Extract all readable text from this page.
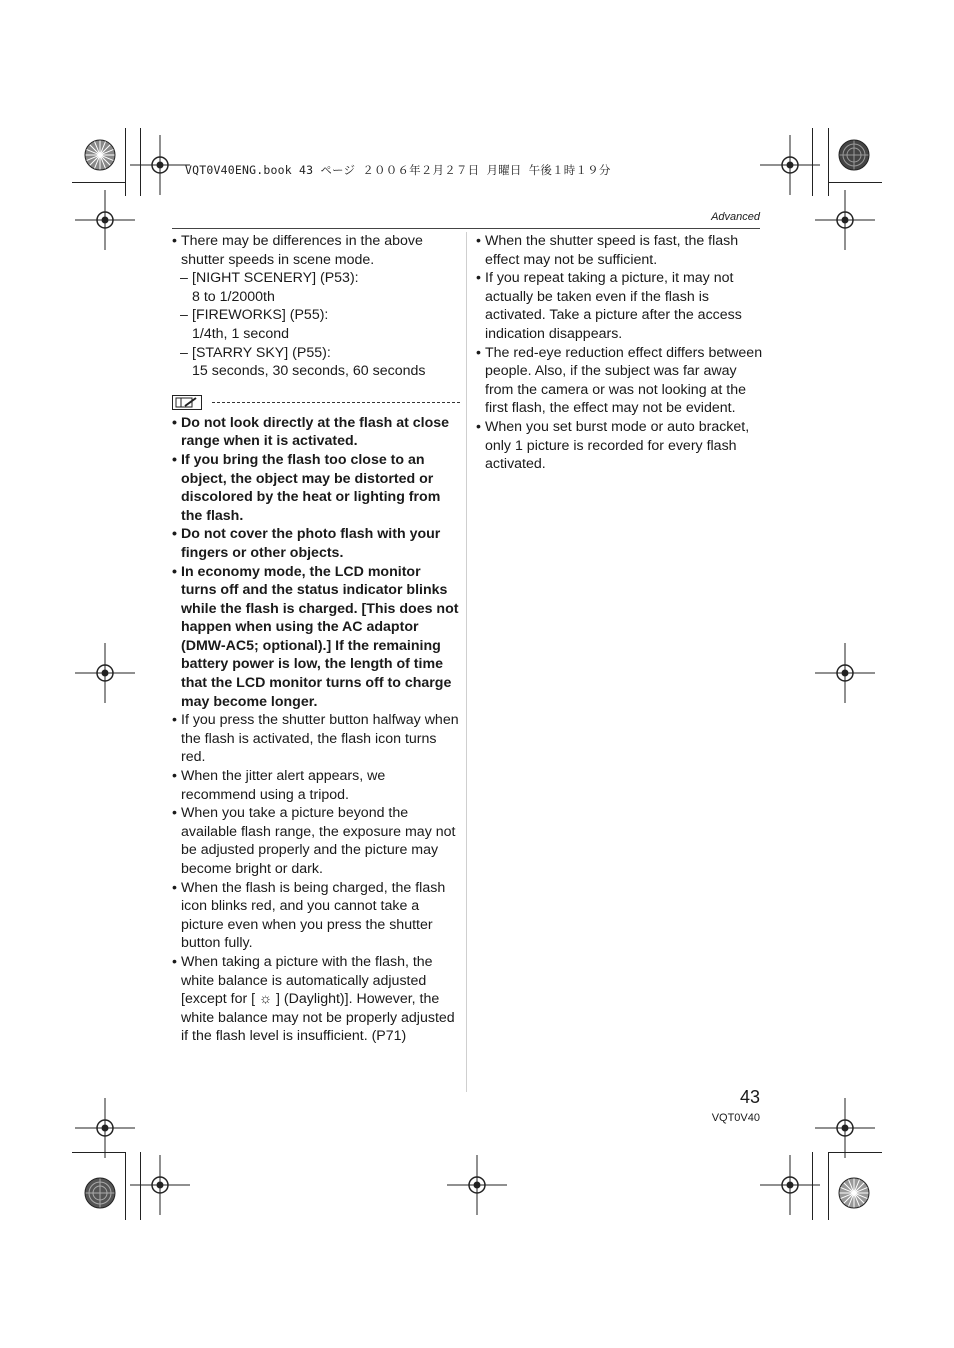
VQT0V40ENG.book 43 ページ ２００６年２月２７日 月曜日 午後１時１９分
Advanced
• There may be differences in the above shutter speeds in scene mode.
– [NIGHT SCENERY] (P53):
8 to 1/2000th
– [FIREWORKS] (P55):
1/4th, 1 second
– [STARRY SKY] (P55):
15 seconds, 30 seconds, 60 seconds
• Do not look directly at the flash at close range when it is activated.
• If you bring the flash too close to an object, the object may be distorted or discolored by the heat or lighting from the flash.
• Do not cover the photo flash with your fingers or other objects.
• In economy mode, the LCD monitor turns off and the status indicator blinks while the flash is charged. [This does not happen when using the AC adaptor (DMW-AC5; optional).] If the remaining battery power is low, the length of time that the LCD monitor turns off to charge may become longer.
• If you press the shutter button halfway when the flash is activated, the flash icon turns red.
• When the jitter alert appears, we recommend using a tripod.
• When you take a picture beyond the available flash range, the exposure may not be adjusted properly and the picture may become bright or dark.
• When the flash is being charged, the flash icon blinks red, and you cannot take a picture even when you press the shutter button fully.
• When taking a picture with the flash, the white balance is automatically adjusted [except for [ ☼ ] (Daylight)]. However, the white balance may not be properly adjusted if the flash level is insufficient. (P71)
• When the shutter speed is fast, the flash effect may not be sufficient.
• If you repeat taking a picture, it may not actually be taken even if the flash is activated. Take a picture after the access indication disappears.
• The red-eye reduction effect differs between people. Also, if the subject was far away from the camera or was not looking at the first flash, the effect may not be evident.
• When you set burst mode or auto bracket, only 1 picture is recorded for every flash activated.
43
VQT0V40
